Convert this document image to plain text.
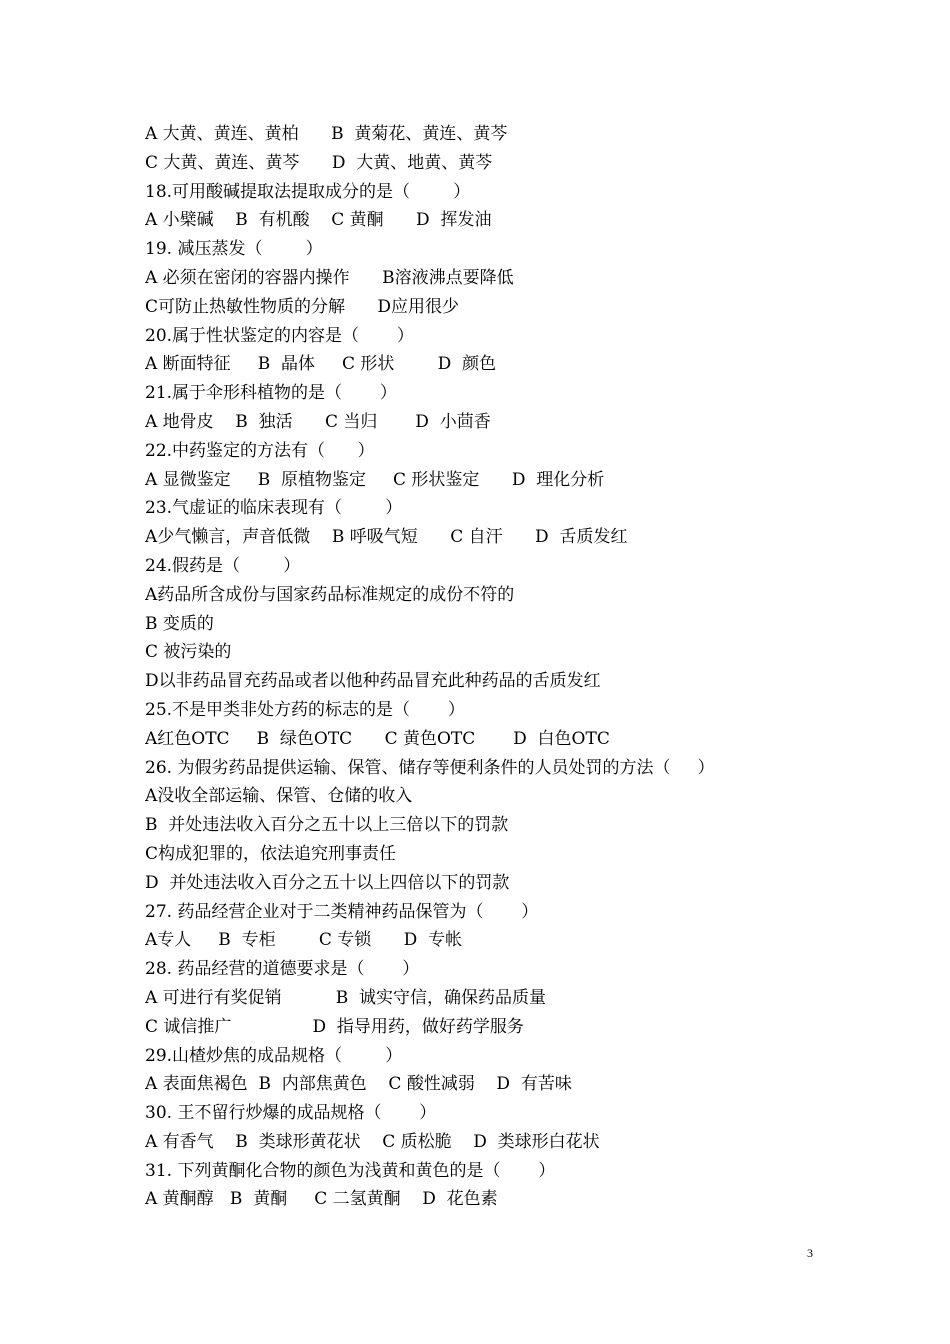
A 大黄、黄连、黄柏      B  黄菊花、黄连、黄芩
C 大黄、黄连、黄芩      D  大黄、地黄、黄芩
18.可用酸碱提取法提取成分的是（        ）
A 小檗碱    B  有机酸    C 黄酮      D  挥发油
19. 减压蒸发（        ）
A 必须在密闭的容器内操作      B溶液沸点要降低
C可防止热敏性物质的分解      D应用很少
20.属于性状鉴定的内容是（       ）
A 断面特征     B  晶体     C 形状        D  颜色
21.属于伞形科植物的是（       ）
A 地骨皮    B  独活      C 当归       D  小茴香
22.中药鉴定的方法有（      ）
A 显微鉴定     B  原植物鉴定     C 形状鉴定      D  理化分析
23.气虚证的临床表现有（        ）
A少气懒言，声音低微    B 呼吸气短      C 自汗      D  舌质发红
24.假药是（        ）
A药品所含成份与国家药品标准规定的成份不符的
B 变质的
C 被污染的
D以非药品冒充药品或者以他种药品冒充此种药品的舌质发红
25.不是甲类非处方药的标志的是（       ）
A红色OTC     B  绿色OTC      C 黄色OTC       D  白色OTC
26. 为假劣药品提供运输、保管、储存等便利条件的人员处罚的方法（     ）
A没收全部运输、保管、仓储的收入
B  并处违法收入百分之五十以上三倍以下的罚款
C构成犯罪的，依法追究刑事责任
D  并处违法收入百分之五十以上四倍以下的罚款
27. 药品经营企业对于二类精神药品保管为（       ）
A专人     B  专柜        C 专锁      D  专帐
28. 药品经营的道德要求是（       ）
A 可进行有奖促销          B  诚实守信，确保药品质量
C 诚信推广               D  指导用药，做好药学服务
29.山楂炒焦的成品规格（        ）
A 表面焦褐色  B  内部焦黄色    C 酸性减弱    D  有苦味
30. 王不留行炒爆的成品规格（       ）
A 有香气    B  类球形黄花状    C 质松脆    D  类球形白花状
31. 下列黄酮化合物的颜色为浅黄和黄色的是（       ）
A 黄酮醇   B  黄酮     C 二氢黄酮    D  花色素
3
